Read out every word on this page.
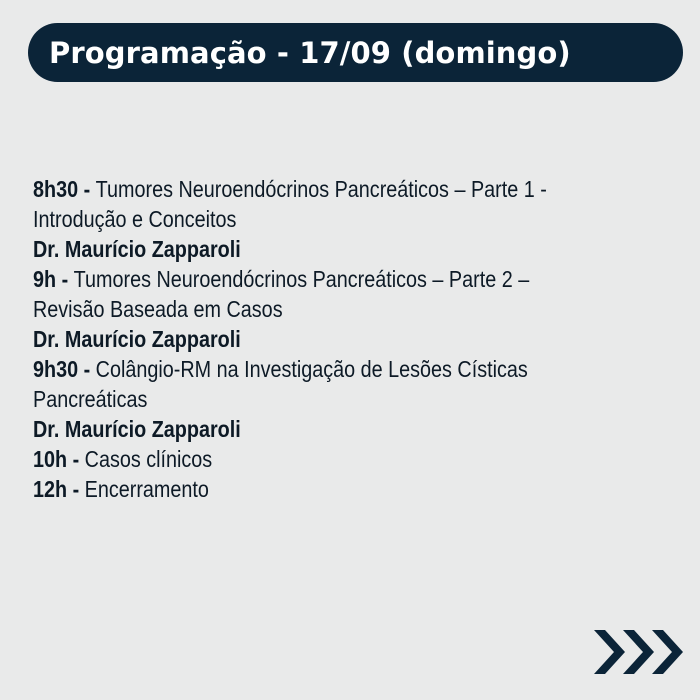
Programação - 17/09 (domingo)
8h30 - Tumores Neuroendócrinos Pancreáticos – Parte 1 -
Introdução e Conceitos
Dr. Maurício Zapparoli
9h - Tumores Neuroendócrinos Pancreáticos – Parte 2 –
Revisão Baseada em Casos
Dr. Maurício Zapparoli
9h30 - Colângio-RM na Investigação de Lesões Císticas
Pancreáticas
Dr. Maurício Zapparoli
10h - Casos clínicos
12h - Encerramento
